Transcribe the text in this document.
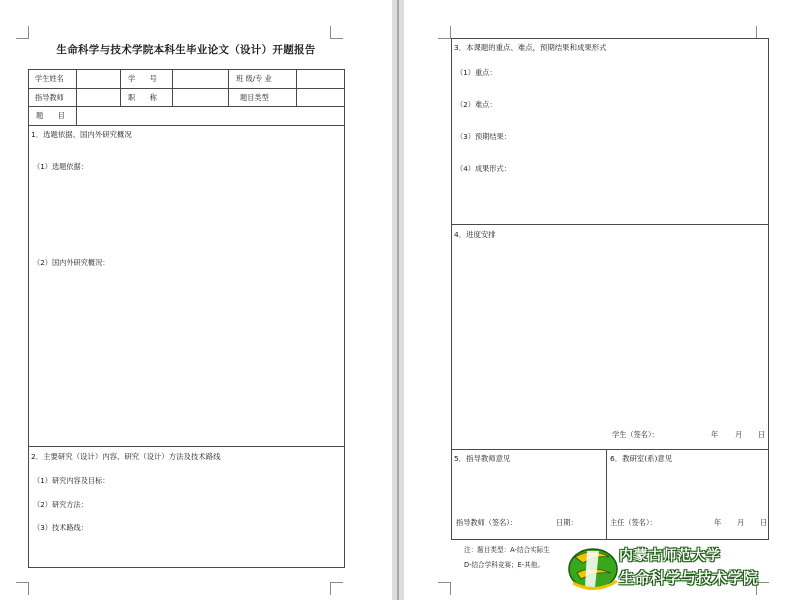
生命科学与技术学院本科生毕业论文（设计）开题报告
学生姓名	学　　号	班 级/专 业
指导教师	职　　称	题目类型
题　　目
1．选题依据、国内外研究概况
（1）选题依据：
（2）国内外研究概况：
2．主要研究（设计）内容、研究（设计）方法及技术路线
（1）研究内容及目标：
（2）研究方法：
（3）技术路线：
3．本课题的重点、难点，预期结果和成果形式
（1）重点：
（2）难点：
（3）预期结果：
（4）成果形式：
4．进度安排
学生（签名）：	年 月 日
5．指导教师意见
指导教师（签名）：	日期：
6．教研室(系)意见
主任（签名）：	年 月 日
注：题目类型：A-结合实际生
D-结合学科竞赛；E-其他。
内蒙古师范大学
生命科学与技术学院
